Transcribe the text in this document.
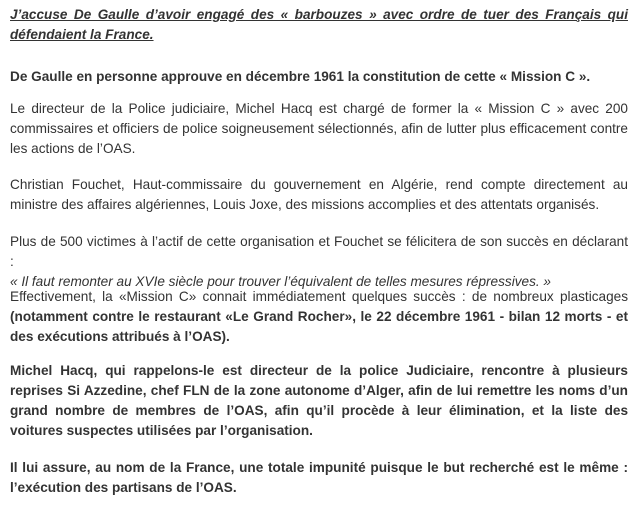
J’accuse De Gaulle d’avoir engagé des « barbouzes » avec ordre de tuer des Français qui défendaient la France.

De Gaulle en personne approuve en décembre 1961 la constitution de cette « Mission C ».

Le directeur de la Police judiciaire, Michel Hacq est chargé de former la « Mission C » avec 200 commissaires et officiers de police soigneusement sélectionnés, afin de lutter plus efficacement contre les actions de l’OAS.

Christian Fouchet, Haut-commissaire du gouvernement en Algérie, rend compte directement au ministre des affaires algériennes, Louis Joxe, des missions accomplies et des attentats organisés.

Plus de 500 victimes à l’actif de cette organisation et Fouchet se félicitera de son succès en déclarant :
« Il faut remonter au XVIe siècle pour trouver l’équivalent de telles mesures répressives. »

Effectivement, la «Mission C» connait immédiatement quelques succès : de nombreux plasticages (notamment contre le restaurant «Le Grand Rocher», le 22 décembre 1961 - bilan 12 morts - et des exécutions attribués à l’OAS).

Michel Hacq, qui rappelons-le est directeur de la police Judiciaire, rencontre à plusieurs reprises Si Azzedine, chef FLN de la zone autonome d’Alger, afin de lui remettre les noms d’un grand nombre de membres de l’OAS, afin qu’il procède à leur élimination, et la liste des voitures suspectes utilisées par l’organisation.

Il lui assure, au nom de la France, une totale impunité puisque le but recherché est le même : l’exécution des partisans de l’OAS.
